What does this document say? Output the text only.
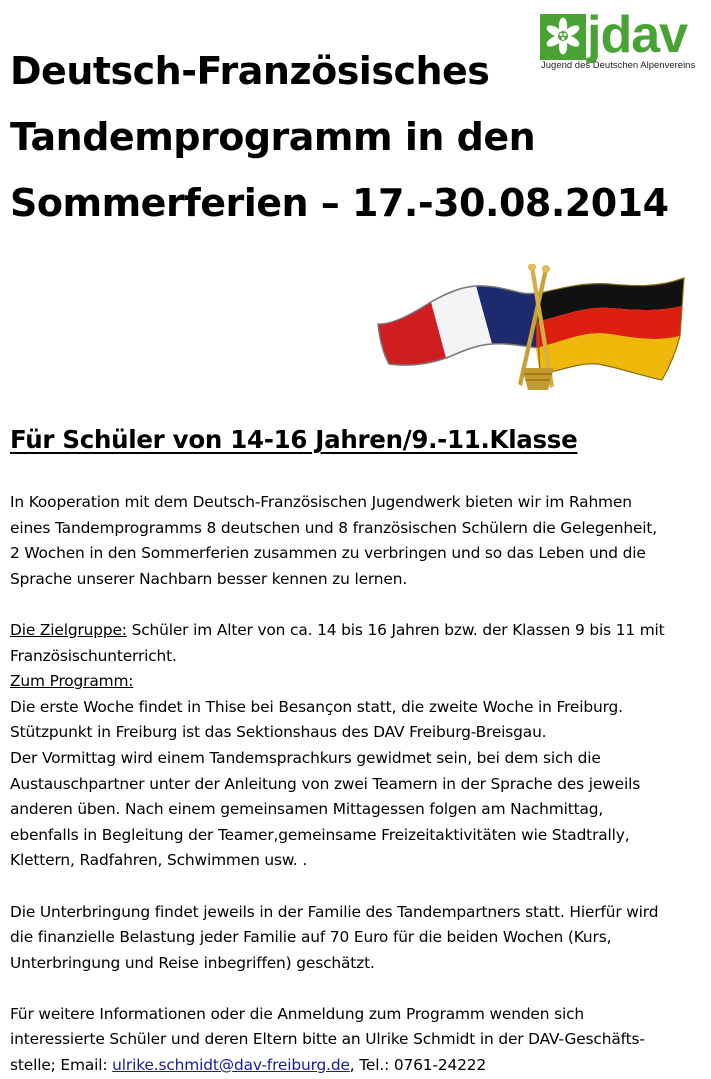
jdav
Jugend des Deutschen Alpenvereins
Deutsch-Französisches
Tandemprogramm in den
Sommerferien – 17.-30.08.2014
Für Schüler von 14-16 Jahren/9.-11.Klasse

In Kooperation mit dem Deutsch-Französischen Jugendwerk bieten wir im Rahmen

eines Tandemprogramms 8 deutschen und 8 französischen Schülern die Gelegenheit,

2 Wochen in den Sommerferien zusammen zu verbringen und so das Leben und die

Sprache unserer Nachbarn besser kennen zu lernen.

Die Zielgruppe: Schüler im Alter von ca. 14 bis 16 Jahren bzw. der Klassen 9 bis 11 mit

Französischunterricht.

Zum Programm:

Die erste Woche findet in Thise bei Besançon statt, die zweite Woche in Freiburg.

Stützpunkt in Freiburg ist das Sektionshaus des DAV Freiburg-Breisgau.

Der Vormittag wird einem Tandemsprachkurs gewidmet sein, bei dem sich die

Austauschpartner unter der Anleitung von zwei Teamern in der Sprache des jeweils

anderen üben. Nach einem gemeinsamen Mittagessen folgen am Nachmittag,

ebenfalls in Begleitung der Teamer,gemeinsame Freizeitaktivitäten wie Stadtrally,

Klettern, Radfahren, Schwimmen usw. .

Die Unterbringung findet jeweils in der Familie des Tandempartners statt. Hierfür wird

die finanzielle Belastung jeder Familie auf 70 Euro für die beiden Wochen (Kurs,

Unterbringung und Reise inbegriffen) geschätzt.

Für weitere Informationen oder die Anmeldung zum Programm wenden sich

interessierte Schüler und deren Eltern bitte an Ulrike Schmidt in der DAV-Geschäfts-

stelle; Email: ulrike.schmidt@dav-freiburg.de, Tel.: 0761-24222
